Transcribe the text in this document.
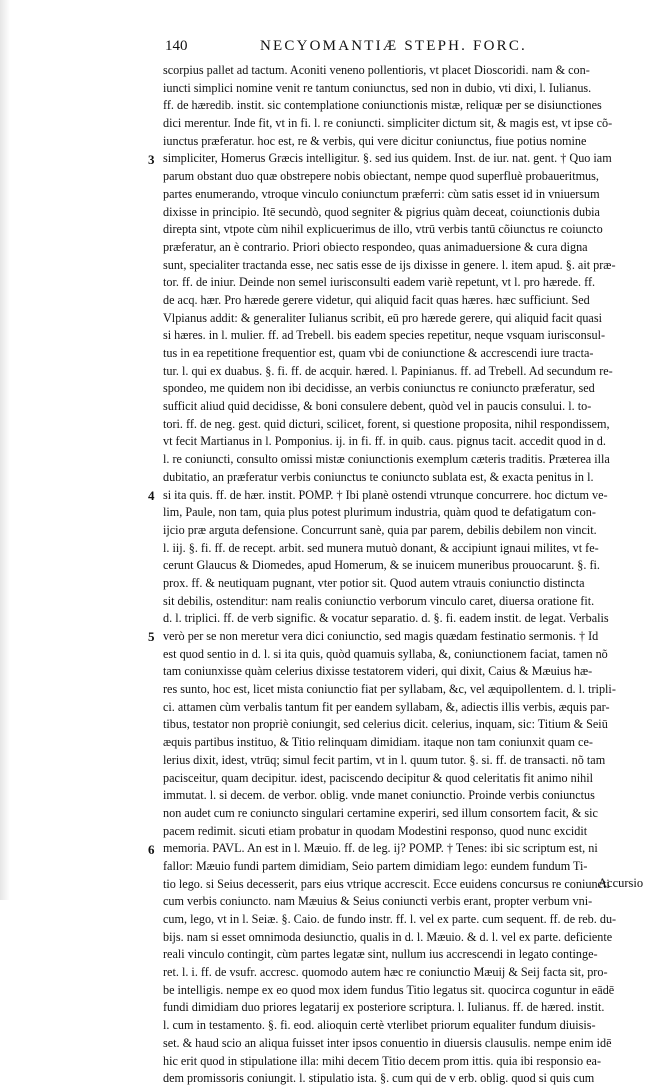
140	NECYOMANTIÆ STEPH. FORC.
3
4
5
6
scorpius pallet ad tactum. Aconiti veneno pollentioris, vt placet Dioscoridi. nam & con-
iuncti simplici nomine venit re tantum coniunctus, sed non in dubio, vti dixi, l. Iulianus.
ff. de hæredib. instit. sic contemplatione coniunctionis mistæ, reliquæ per se disiunctiones
dici merentur. Inde fit, vt in fi. l. re coniuncti. simpliciter dictum sit, & magis est, vt ipse cõ-
iunctus præferatur. hoc est, re & verbis, qui vere dicitur coniunctus, fiue potius nomine
simpliciter, Homerus Græcis intelligitur. §. sed ius quidem. Inst. de iur. nat. gent. † Quo iam
parum obstant duo quæ obstrepere nobis obiectant, nempe quod superfluè probaueritmus,
partes enumerando, vtroque vinculo coniunctum præferri: cùm satis esset id in vniuersum
dixisse in principio. Itē secundò, quod segniter & pigrius quàm deceat, coiunctionis dubia
direpta sint, vtpote cùm nihil explicuerimus de illo, vtrū verbis tantū cõiunctus re coiuncto
præferatur, an è contrario. Priori obiecto respondeo, quas animaduersione & cura digna
sunt, specialiter tractanda esse, nec satis esse de ijs dixisse in genere. l. item apud. §. ait præ-
tor. ff. de iniur. Deinde non semel iurisconsulti eadem variè repetunt, vt l. pro hærede. ff.
de acq. hær. Pro hærede gerere videtur, qui aliquid facit quas hæres. hæc sufficiunt. Sed
Vlpianus addit: & generaliter Iulianus scribit, eū pro hærede gerere, qui aliquid facit quasi
si hæres. in l. mulier. ff. ad Trebell. bis eadem species repetitur, neque vsquam iurisconsul-
tus in ea repetitione frequentior est, quam vbi de coniunctione & accrescendi iure tracta-
tur. l. qui ex duabus. §. fi. ff. de acquir. hæred. l. Papinianus. ff. ad Trebell. Ad secundum re-
spondeo, me quidem non ibi decidisse, an verbis coniunctus re coniuncto præferatur, sed
sufficit aliud quid decidisse, & boni consulere debent, quòd vel in paucis consului. l. to-
tori. ff. de neg. gest. quid dicturi, scilicet, forent, si questione proposita, nihil respondissem,
vt fecit Martianus in l. Pomponius. ij. in fi. ff. in quib. caus. pignus tacit. accedit quod in d.
l. re coniuncti, consulto omissi mistæ coniunctionis exemplum cæteris traditis. Præterea illa
dubitatio, an præferatur verbis coniunctus te coniuncto sublata est, & exacta penitus in l.
si ita quis. ff. de hær. instit. POMP. † Ibi planè ostendi vtrunque concurrere. hoc dictum ve-
lim, Paule, non tam, quia plus potest plurimum industria, quàm quod te defatigatum con-
ijcio præ arguta defensione. Concurrunt sanè, quia par parem, debilis debilem non vincit.
l. iij. §. fi. ff. de recept. arbit. sed munera mutuò donant, & accipiunt ignaui milites, vt fe-
cerunt Glaucus & Diomedes, apud Homerum, & se inuicem muneribus prouocarunt. §. fi.
prox. ff. & neutiquam pugnant, vter potior sit. Quod autem vtrauis coniunctio distincta
sit debilis, ostenditur: nam realis coniunctio verborum vinculo caret, diuersa oratione fit.
d. l. triplici. ff. de verb signific. & vocatur separatio. d. §. fi. eadem instit. de legat. Verbalis
verò per se non meretur vera dici coniunctio, sed magis quædam festinatio sermonis. † Id
est quod sentio in d. l. si ita quis, quòd quamuis syllaba, &, coniunctionem faciat, tamen nõ
tam coniunxisse quàm celerius dixisse testatorem videri, qui dixit, Caius & Mæuius hæ-
res sunto, hoc est, licet mista coniunctio fiat per syllabam, &c, vel æquipollentem. d. l. tripli-
ci. attamen cùm verbalis tantum fit per eandem syllabam, &, adiectis illis verbis, æquis par-
tibus, testator non propriè coniungit, sed celerius dicit. celerius, inquam, sic: Titium & Seiū
æquis partibus instituo, & Titio relinquam dimidiam. itaque non tam coniunxit quam ce-
lerius dixit, idest, vtrūq; simul fecit partim, vt in l. quum tutor. §. si. ff. de transacti. nõ tam
pacisceitur, quam decipitur. idest, paciscendo decipitur & quod celeritatis fit animo nihil
immutat. l. si decem. de verbor. oblig. vnde manet coniunctio. Proinde verbis coniunctus
non audet cum re coniuncto singulari certamine experiri, sed illum consortem facit, & sic
pacem redimit. sicuti etiam probatur in quodam Modestini responso, quod nunc excidit
memoria. PAVL. An est in l. Mæuio. ff. de leg. ij? POMP. † Tenes: ibi sic scriptum est, ni
fallor: Mæuio fundi partem dimidiam, Seio partem dimidiam lego: eundem fundum Ti-
tio lego. si Seius decesserit, pars eius vtrique accrescit. Ecce euidens concursus re coniuncti
cum verbis coniuncto. nam Mæuius & Seius coniuncti verbis erant, propter verbum vni-
cum, lego, vt in l. Seiæ. §. Caio. de fundo instr. ff. l. vel ex parte. cum sequent. ff. de reb. du-
bijs. nam si esset omnimoda desiunctio, qualis in d. l. Mæuio. & d. l. vel ex parte. deficiente
reali vinculo contingit, cùm partes legatæ sint, nullum ius accrescendi in legato continge-
ret. l. i. ff. de vsufr. accresc. quomodo autem hæc re coniunctio Mæuij & Seij facta sit, pro-
be intelligis. nempe ex eo quod mox idem fundus Titio legatus sit. quocirca coguntur in eādē
fundi dimidiam duo priores legatarij ex posteriore scriptura. l. Iulianus. ff. de hæred. instit.
l. cum in testamento. §. fi. eod. alioquin certè vterlibet priorum equaliter fundum diuisis-
set. & haud scio an aliqua fuisset inter ipsos conuentio in diuersis clausulis. nempe enim idē
hic erit quod in stipulatione illa: mihi decem Titio decem prom ittis. quia ibi responsio ea-
dem promissoris coniungit. l. stipulatio ista. §. cum qui de v erb. oblig. quod si quis cum
Accursio
